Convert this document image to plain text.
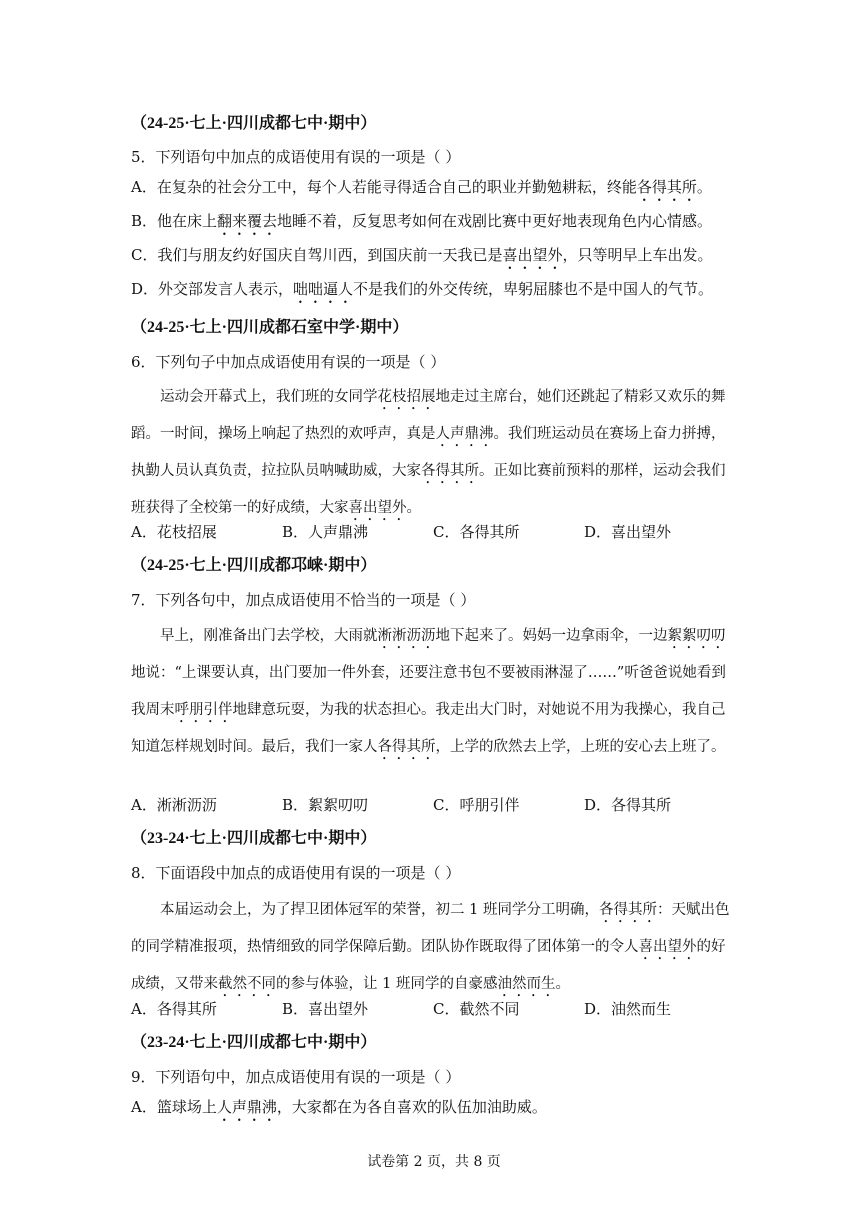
（24-25·七上·四川成都七中·期中）
5．下列语句中加点的成语使用有误的一项是（ ）
A．在复杂的社会分工中，每个人若能寻得适合自己的职业并勤勉耕耘，终能各得其所。
B．他在床上翻来覆去地睡不着，反复思考如何在戏剧比赛中更好地表现角色内心情感。
C．我们与朋友约好国庆自驾川西，到国庆前一天我已是喜出望外，只等明早上车出发。
D．外交部发言人表示，咄咄逼人不是我们的外交传统，卑躬屈膝也不是中国人的气节。
（24-25·七上·四川成都石室中学·期中）
6．下列句子中加点成语使用有误的一项是（ ）
运动会开幕式上，我们班的女同学花枝招展地走过主席台，她们还跳起了精彩又欢乐的舞蹈。一时间，操场上响起了热烈的欢呼声，真是人声鼎沸。我们班运动员在赛场上奋力拼搏，执勤人员认真负责，拉拉队员呐喊助威，大家各得其所。正如比赛前预料的那样，运动会我们班获得了全校第一的好成绩，大家喜出望外。
A．花枝招展	B．人声鼎沸	C．各得其所	D．喜出望外
（24-25·七上·四川成都邛崃·期中）
7．下列各句中，加点成语使用不恰当的一项是（ ）
早上，刚准备出门去学校，大雨就淅淅沥沥地下起来了。妈妈一边拿雨伞，一边絮絮叨叨地说：“上课要认真，出门要加一件外套，还要注意书包不要被雨淋湿了……”听爸爸说她看到我周末呼朋引伴地肆意玩耍，为我的状态担心。我走出大门时，对她说不用为我操心，我自己知道怎样规划时间。最后，我们一家人各得其所，上学的欣然去上学，上班的安心去上班了。
A．淅淅沥沥	B．絮絮叨叨	C．呼朋引伴	D．各得其所
（23-24·七上·四川成都七中·期中）
8．下面语段中加点的成语使用有误的一项是（ ）
本届运动会上，为了捍卫团体冠军的荣誉，初二 1 班同学分工明确，各得其所：天赋出色的同学精准报项，热情细致的同学保障后勤。团队协作既取得了团体第一的令人喜出望外的好成绩，又带来截然不同的参与体验，让 1 班同学的自豪感油然而生。
A．各得其所	B．喜出望外	C．截然不同	D．油然而生
（23-24·七上·四川成都七中·期中）
9．下列语句中，加点成语使用有误的一项是（ ）
A．篮球场上人声鼎沸，大家都在为各自喜欢的队伍加油助威。
试卷第 2 页，共 8 页
